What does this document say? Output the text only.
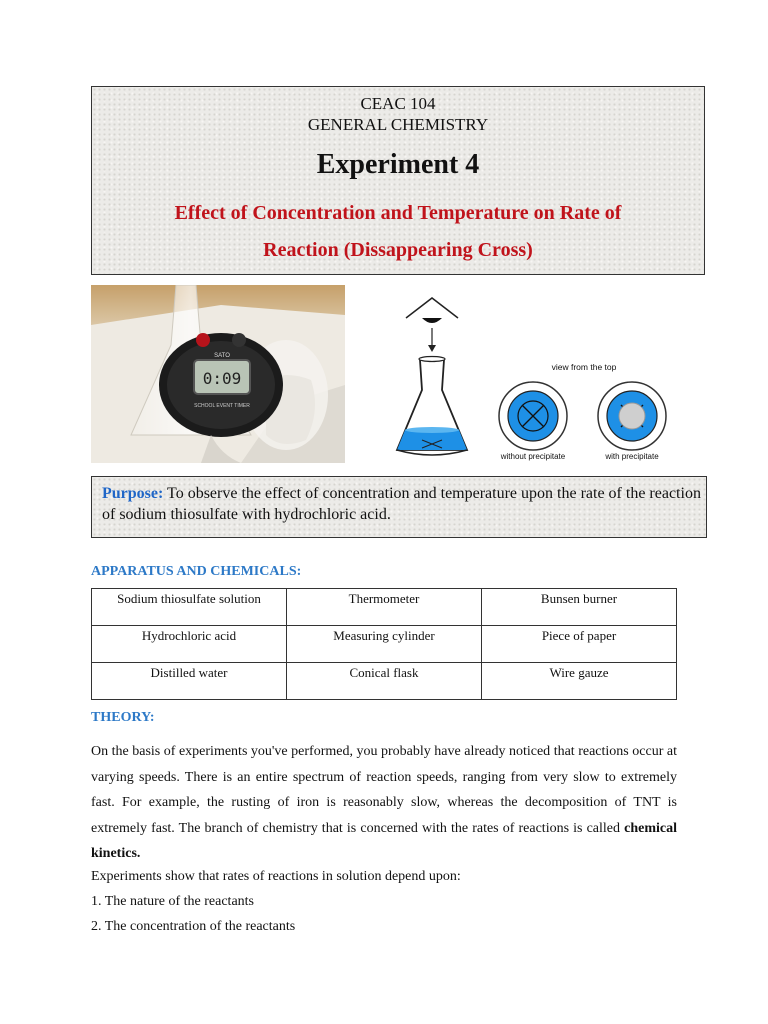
CEAC 104
GENERAL CHEMISTRY
Experiment 4
Effect of Concentration and Temperature on Rate of
Reaction (Dissappearing Cross)
SATO
0:09
SCHOOL EVENT TIMER
view from the top
without precipitate	with precipitate
Purpose: To observe the effect of concentration and temperature upon the rate of the reaction of sodium thiosulfate with hydrochloric acid.
APPARATUS AND CHEMICALS:
Sodium thiosulfate solution	Thermometer	Bunsen burner
Hydrochloric acid	Measuring cylinder	Piece of paper
Distilled water	Conical flask	Wire gauze
THEORY:
On the basis of experiments you've performed, you probably have already noticed that reactions occur at varying speeds. There is an entire spectrum of reaction speeds, ranging from very slow to extremely fast. For example, the rusting of iron is reasonably slow, whereas the decomposition of TNT is extremely fast. The branch of chemistry that is concerned with the rates of reactions is called chemical kinetics.
Experiments show that rates of reactions in solution depend upon:
1. The nature of the reactants
2. The concentration of the reactants
